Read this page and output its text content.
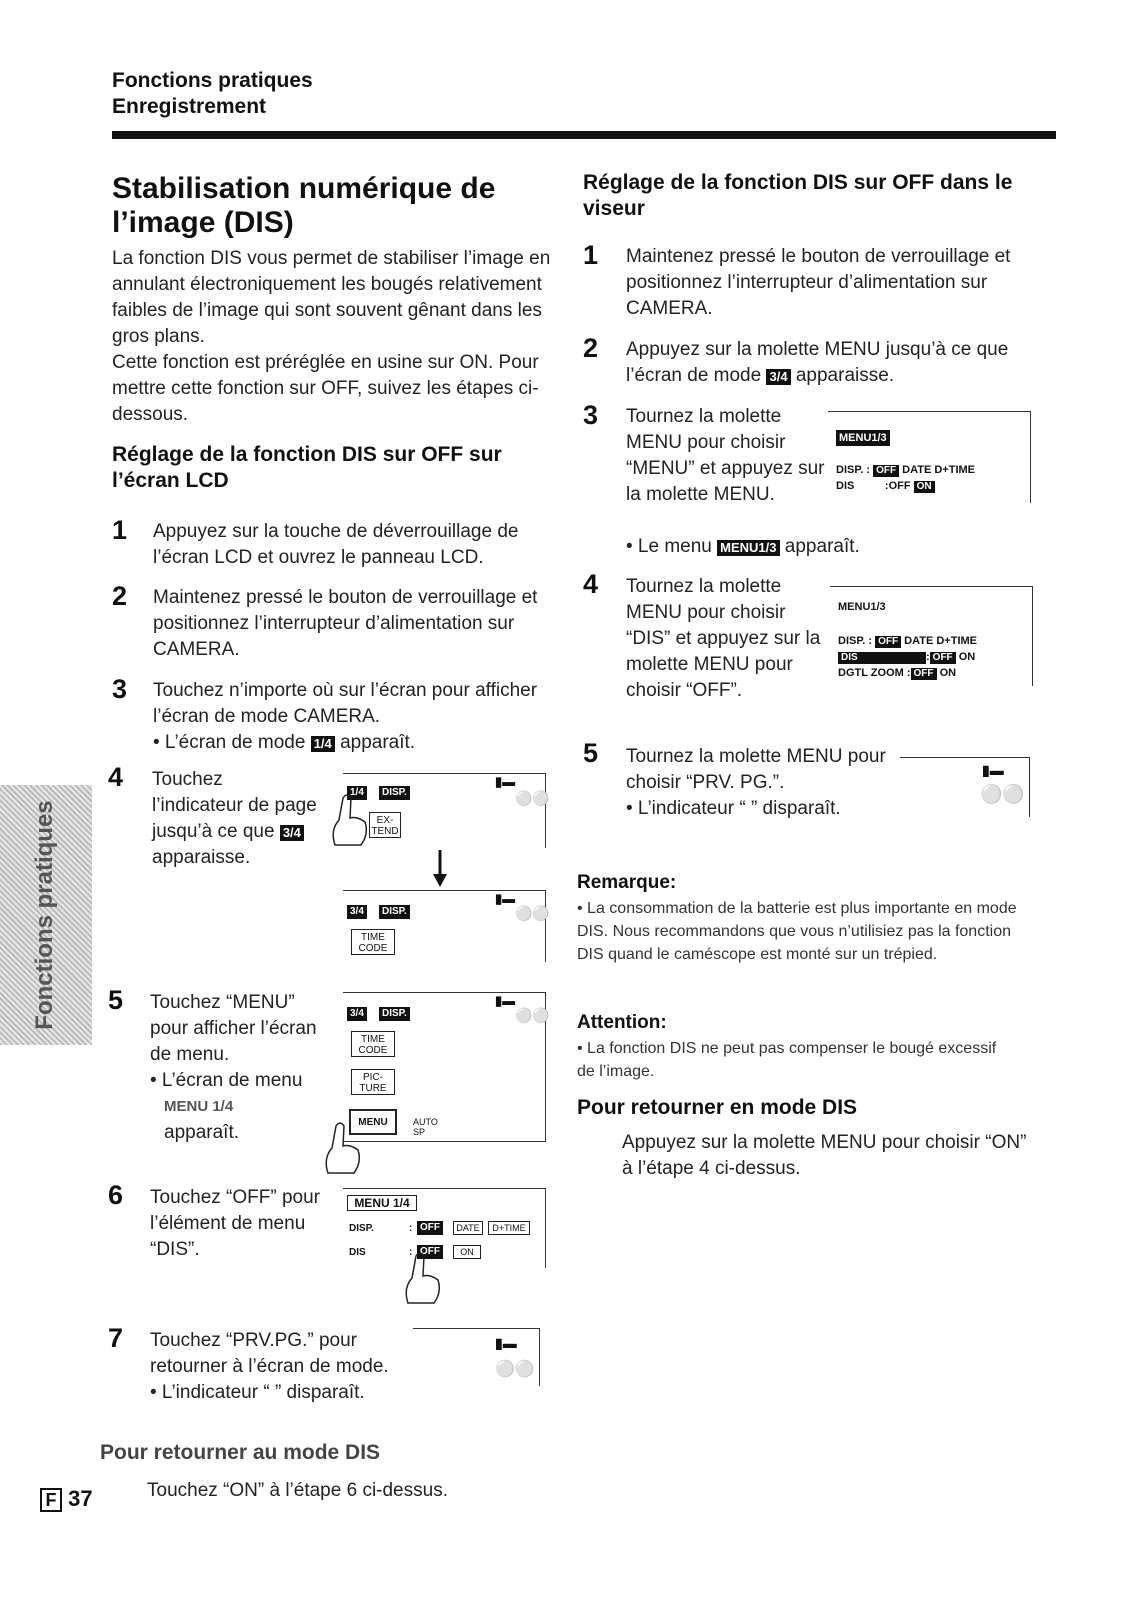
Fonctions pratiques
Enregistrement
Stabilisation numérique de l’image (DIS)
La fonction DIS vous permet de stabiliser l’image en annulant électroniquement les bougés relativement faibles de l’image qui sont souvent gênant dans les gros plans.
Cette fonction est préréglée en usine sur ON. Pour mettre cette fonction sur OFF, suivez les étapes ci-dessous.
Réglage de la fonction DIS sur OFF sur l’écran LCD
1 Appuyez sur la touche de déverrouillage de l’écran LCD et ouvrez le panneau LCD.
2 Maintenez pressé le bouton de verrouillage et positionnez l’interrupteur d’alimentation sur CAMERA.
3 Touchez n’importe où sur l’écran pour afficher l’écran de mode CAMERA.
• L’écran de mode 1/4 apparaît.
4 Touchez l’indicateur de page jusqu’à ce que 3/4 apparaisse.
5 Touchez “MENU” pour afficher l’écran de menu.
• L’écran de menu
MENU 1/4
apparaît.
6 Touchez “OFF” pour l’élément de menu “DIS”.
7 Touchez “PRV.PG.” pour retourner à l’écran de mode.
• L’indicateur “ ” disparaît.
Pour retourner au mode DIS
Touchez “ON” à l’étape 6 ci-dessus.
1/4	DISP.
EX-TEND
▮▬
⚪⚪
3/4	DISP.
TIME CODE
▮▬
⚪⚪
3/4	DISP.
TIME CODE
PIC-TURE
MENU	AUTO
SP
▮▬
⚪⚪
MENU 1/4
DISP.	: OFF	DATE	D+TIME
DIS	: OFF	ON
▮▬
⚪⚪
Réglage de la fonction DIS sur OFF dans le viseur
1 Maintenez pressé le bouton de verrouillage et positionnez l’interrupteur d’alimentation sur CAMERA.
2 Appuyez sur la molette MENU jusqu’à ce que l’écran de mode 3/4 apparaisse.
3 Tournez la molette MENU pour choisir “MENU” et appuyez sur la molette MENU.
• Le menu MENU1/3 apparaît.
MENU1/3
DISP. : OFF DATE D+TIME
DIS	:OFF ON
4 Tournez la molette MENU pour choisir “DIS” et appuyez sur la molette MENU pour choisir “OFF”.
MENU1/3
DISP. : OFF DATE D+TIME
DIS	: OFF ON
DGTL ZOOM : OFF ON
5 Tournez la molette MENU pour choisir “PRV. PG.”.
• L’indicateur “ ” disparaît.
▮▬
⚪⚪
Remarque:
• La consommation de la batterie est plus importante en mode DIS. Nous recommandons que vous n’utilisiez pas la fonction DIS quand le caméscope est monté sur un trépied.
Attention:
• La fonction DIS ne peut pas compenser le bougé excessif de l’image.
Pour retourner en mode DIS
Appuyez sur la molette MENU pour choisir “ON” à l’étape 4 ci-dessus.
Fonctions pratiques
F 37
